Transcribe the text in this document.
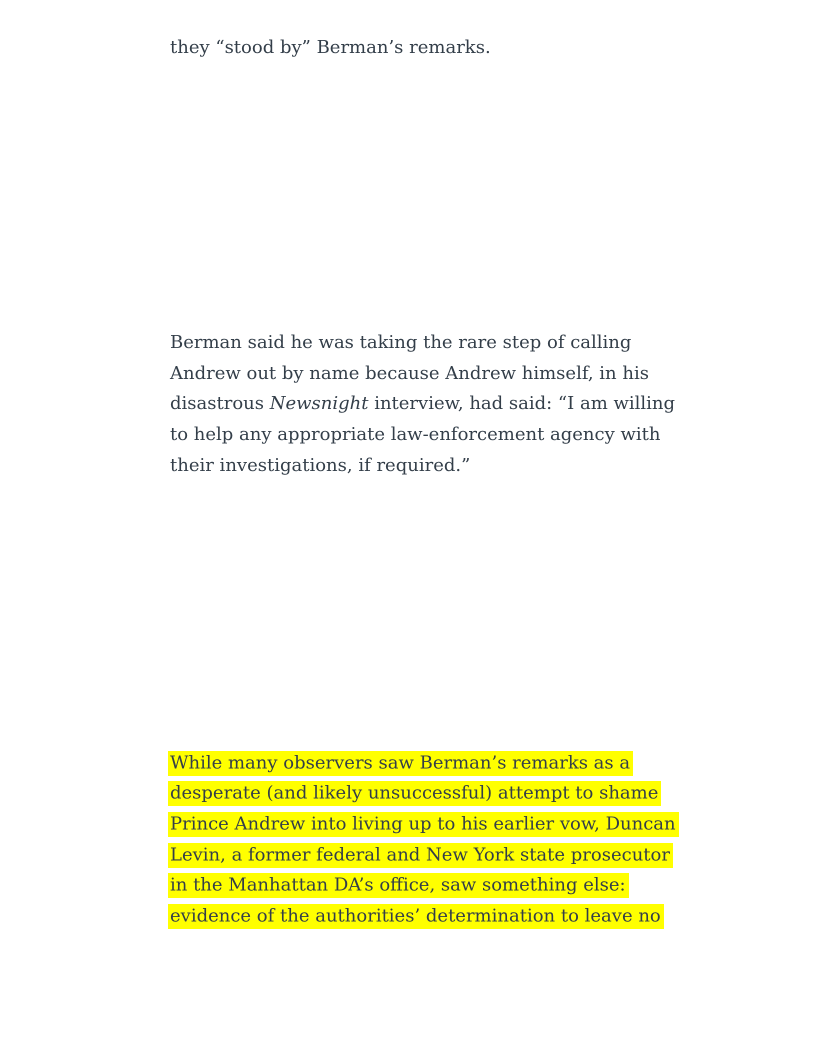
they “stood by” Berman’s remarks.
Berman said he was taking the rare step of calling
Andrew out by name because Andrew himself, in his
disastrous Newsnight interview, had said: “I am willing
to help any appropriate law-enforcement agency with
their investigations, if required.”
While many observers saw Berman’s remarks as a
desperate (and likely unsuccessful) attempt to shame
Prince Andrew into living up to his earlier vow, Duncan
Levin, a former federal and New York state prosecutor
in the Manhattan DA’s office, saw something else:
evidence of the authorities’ determination to leave no
